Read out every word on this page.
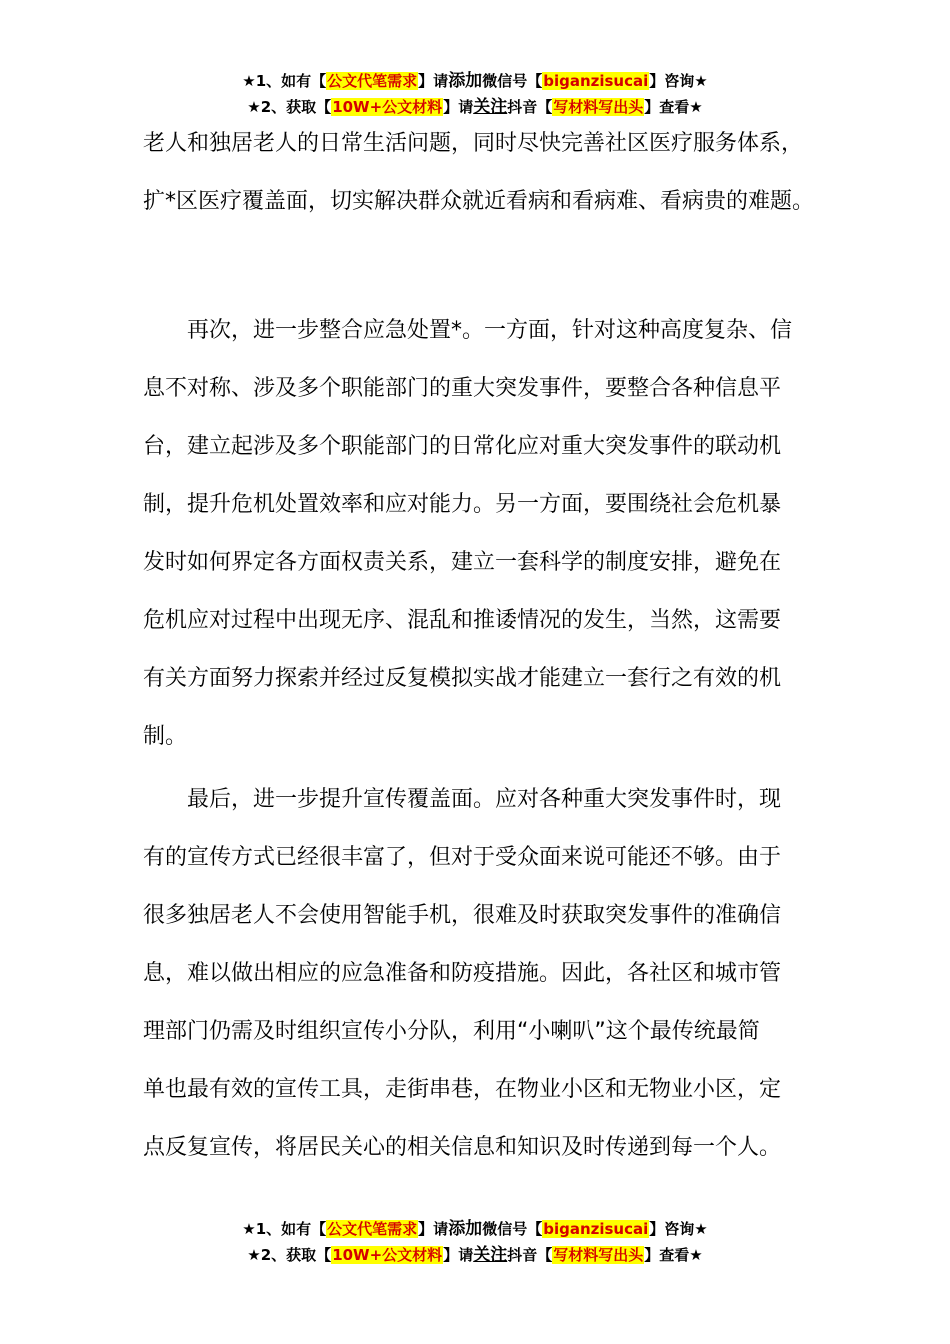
★1、如有【公文代笔需求】请添加微信号【biganzisucai】咨询★
★2、获取【10W+公文材料】请关注抖音【写材料写出头】查看★
老人和独居老人的日常生活问题，同时尽快完善社区医疗服务体系，
扩*区医疗覆盖面，切实解决群众就近看病和看病难、看病贵的难题。
　　再次，进一步整合应急处置*。一方面，针对这种高度复杂、信
息不对称、涉及多个职能部门的重大突发事件，要整合各种信息平
台，建立起涉及多个职能部门的日常化应对重大突发事件的联动机
制，提升危机处置效率和应对能力。另一方面，要围绕社会危机暴
发时如何界定各方面权责关系，建立一套科学的制度安排，避免在
危机应对过程中出现无序、混乱和推诿情况的发生，当然，这需要
有关方面努力探索并经过反复模拟实战才能建立一套行之有效的机
制。
　　最后，进一步提升宣传覆盖面。应对各种重大突发事件时，现
有的宣传方式已经很丰富了，但对于受众面来说可能还不够。由于
很多独居老人不会使用智能手机，很难及时获取突发事件的准确信
息，难以做出相应的应急准备和防疫措施。因此，各社区和城市管
理部门仍需及时组织宣传小分队，利用“小喇叭”这个最传统最简
单也最有效的宣传工具，走街串巷，在物业小区和无物业小区，定
点反复宣传，将居民关心的相关信息和知识及时传递到每一个人。
★1、如有【公文代笔需求】请添加微信号【biganzisucai】咨询★
★2、获取【10W+公文材料】请关注抖音【写材料写出头】查看★
